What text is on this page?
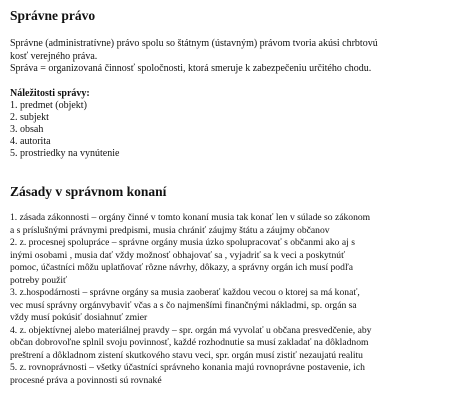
Správne právo

Správne (administratívne) právo spolu so štátnym (ústavným) právom tvoria akúsi chrbtovú

kosť verejného práva.

Správa = organizovaná činnosť spoločnosti, ktorá smeruje k zabezpečeniu určitého chodu.

Náležitosti správy:

1. predmet (objekt)
2. subjekt
3. obsah
4. autorita
5. prostriedky na vynútenie
Zásady v správnom konaní

1. zásada zákonnosti – orgány činné v tomto konaní musia tak konať len v súlade so zákonom

a s príslušnými právnymi predpismi, musia chrániť záujmy štátu a záujmy občanov

2. z. procesnej spolupráce – správne orgány musia úzko spolupracovať s občanmi ako aj s

inými osobami , musia dať vždy možnosť obhajovať sa , vyjadriť sa k veci a poskytnúť

pomoc, účastníci môžu uplatňovať rôzne návrhy, dôkazy, a správny orgán ich musí podľa

potreby použiť

3. z.hospodárnosti – správne orgány sa musia zaoberať každou vecou o ktorej sa má konať,

vec musí správny orgánvybaviť včas a s čo najmenšími finančnými nákladmi, sp. orgán sa

vždy musí pokúsiť dosiahnuť zmier

4. z. objektívnej alebo materiálnej pravdy – spr. orgán má vyvolať u občana presvedčenie, aby

občan dobrovoľne splnil svoju povinnosť, každé rozhodnutie sa musí zakladať na dôkladnom

preštrení a dôkladnom zistení skutkového stavu veci, spr. orgán musí zistiť nezaujatú realitu

5. z. rovnoprávnosti – všetky účastníci správneho konania majú rovnoprávne postavenie, ich

procesné práva a povinnosti sú rovnaké
